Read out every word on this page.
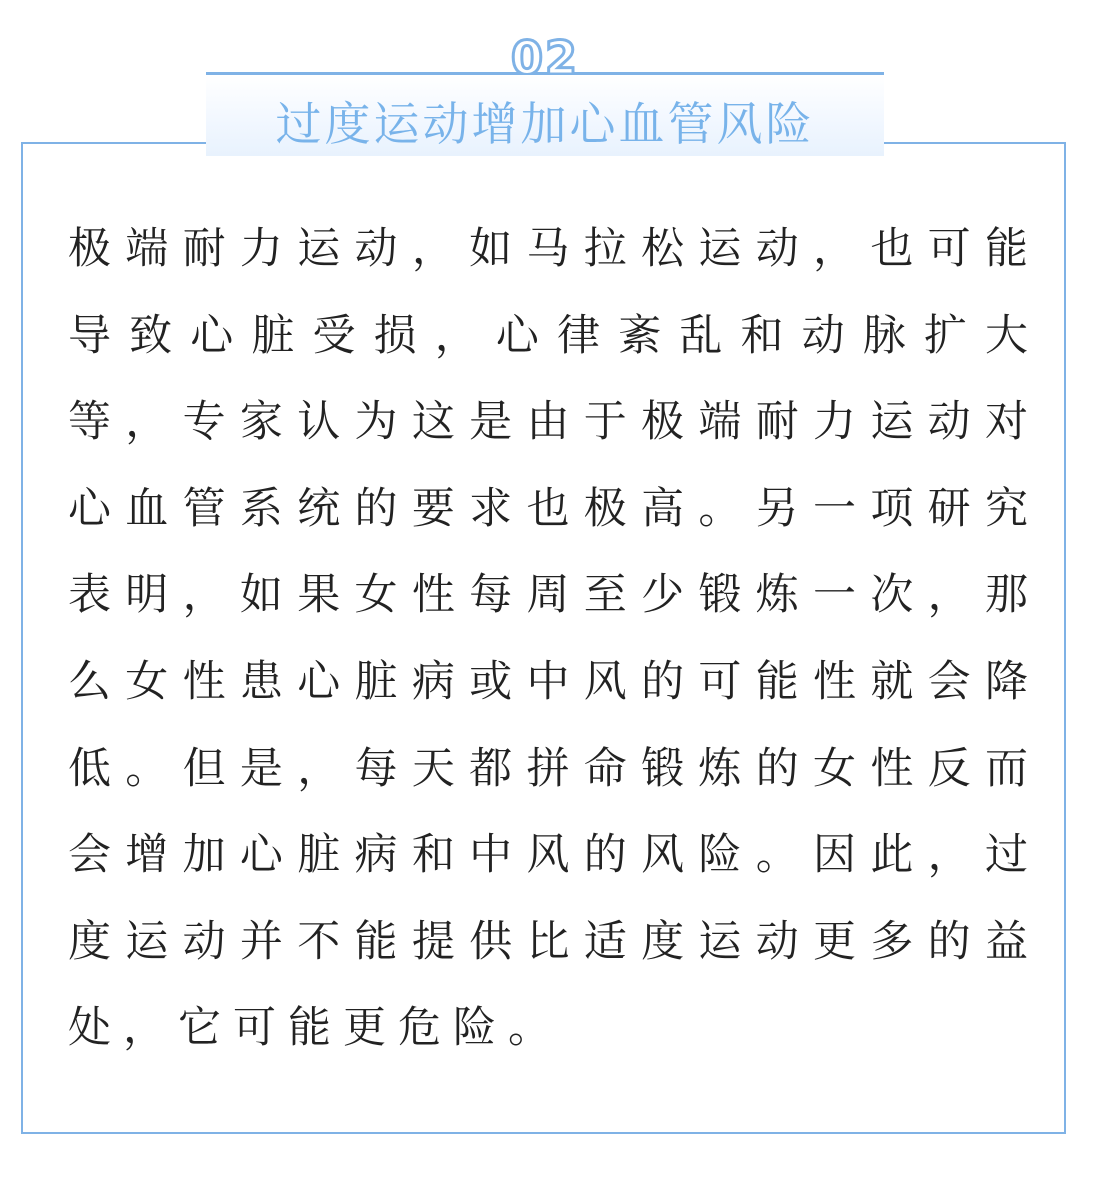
02
过度运动增加心血管风险
极端耐力运动，如马拉松运动，也可能
导致心脏受损，心律紊乱和动脉扩大
等，专家认为这是由于极端耐力运动对
心血管系统的要求也极高。另一项研究
表明，如果女性每周至少锻炼一次，那
么女性患心脏病或中风的可能性就会降
低。但是，每天都拼命锻炼的女性反而
会增加心脏病和中风的风险。因此，过
度运动并不能提供比适度运动更多的益
处，它可能更危险。
